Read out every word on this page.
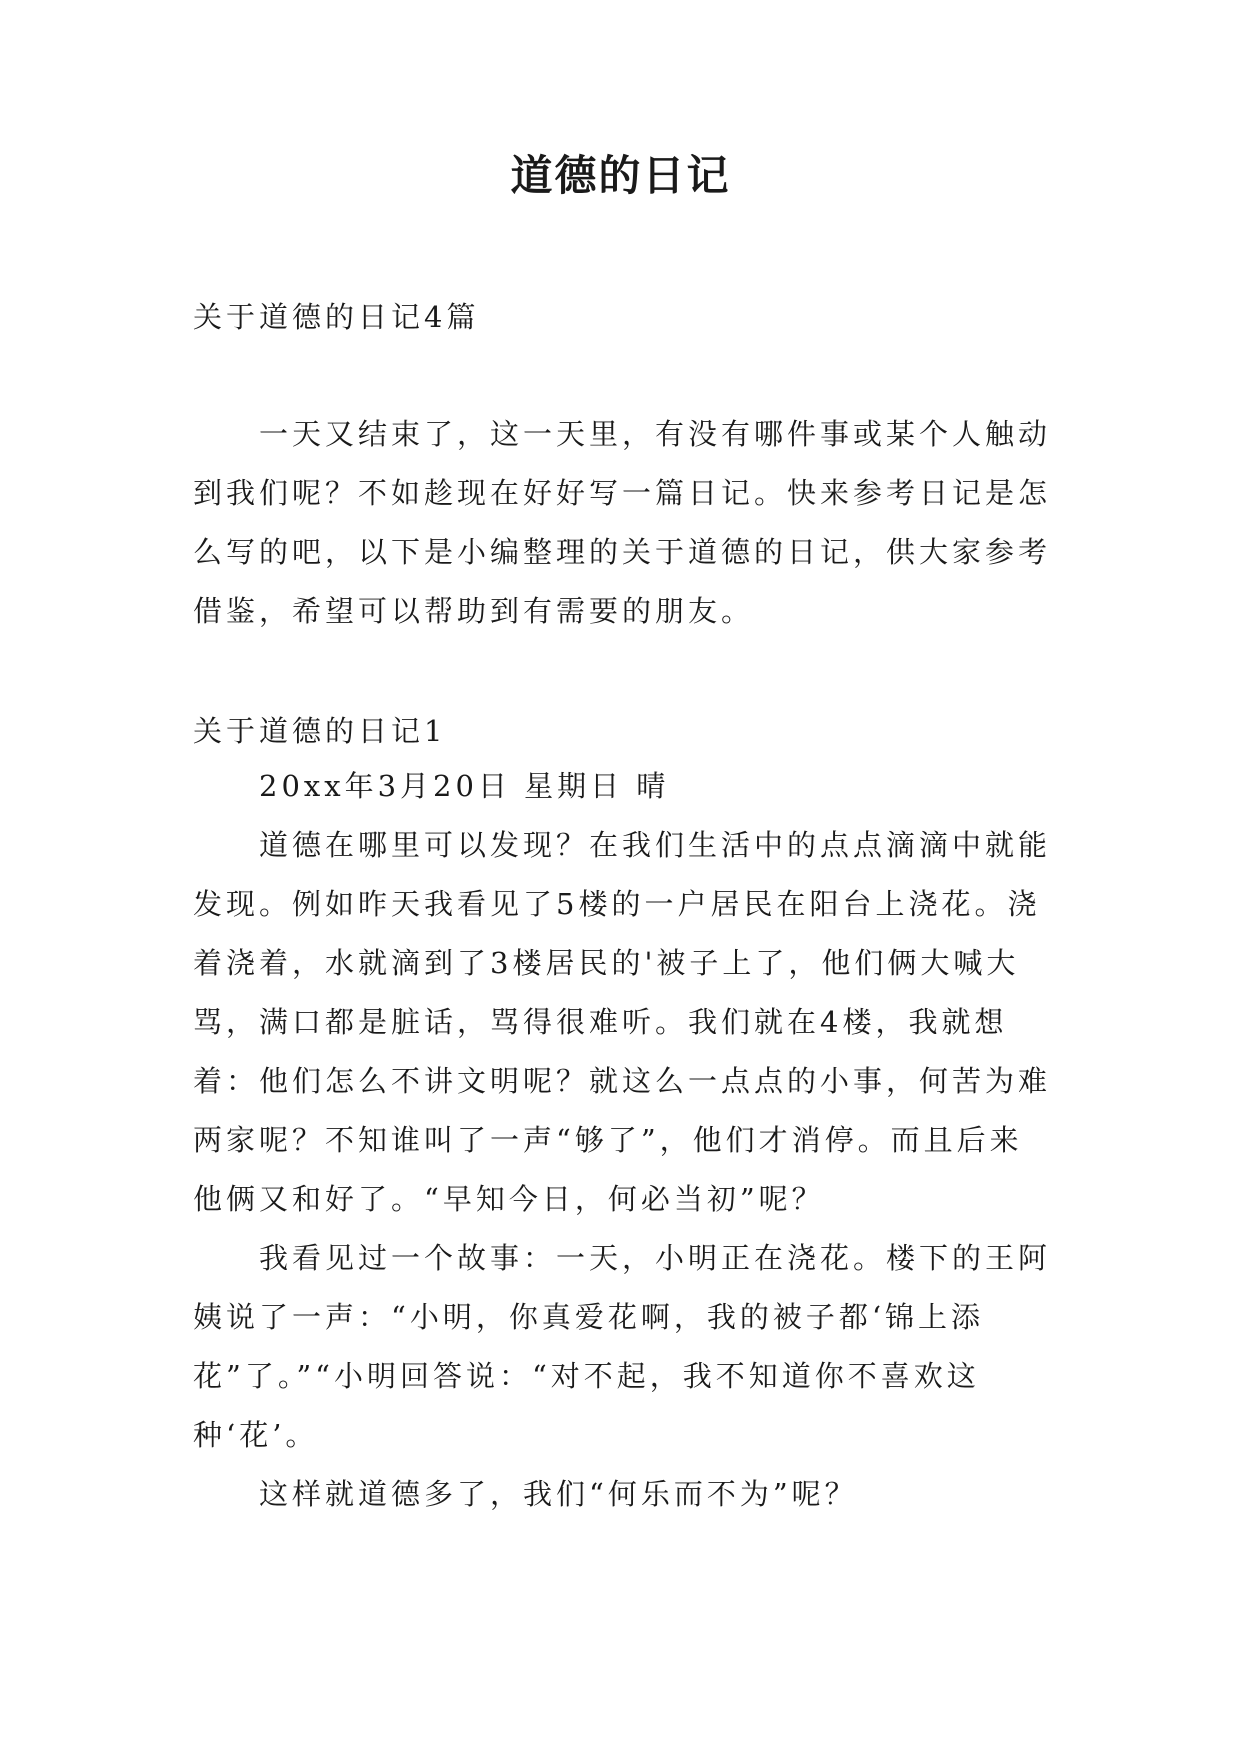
道德的日记

关于道德的日记4篇

一天又结束了，这一天里，有没有哪件事或某个人触动到我们呢？不如趁现在好好写一篇日记。快来参考日记是怎么写的吧，以下是小编整理的关于道德的日记，供大家参考借鉴，希望可以帮助到有需要的朋友。

关于道德的日记1

20xx年3月20日 星期日 晴

道德在哪里可以发现？在我们生活中的点点滴滴中就能发现。例如昨天我看见了5楼的一户居民在阳台上浇花。浇着浇着，水就滴到了3楼居民的'被子上了，他们俩大喊大骂，满口都是脏话，骂得很难听。我们就在4楼，我就想着：他们怎么不讲文明呢？就这么一点点的小事，何苦为难两家呢？不知谁叫了一声“够了”，他们才消停。而且后来他俩又和好了。“早知今日，何必当初”呢？

我看见过一个故事：一天，小明正在浇花。楼下的王阿姨说了一声：“小明，你真爱花啊，我的被子都‘锦上添花”了。”“小明回答说：“对不起，我不知道你不喜欢这种‘花’。

这样就道德多了，我们“何乐而不为”呢？
